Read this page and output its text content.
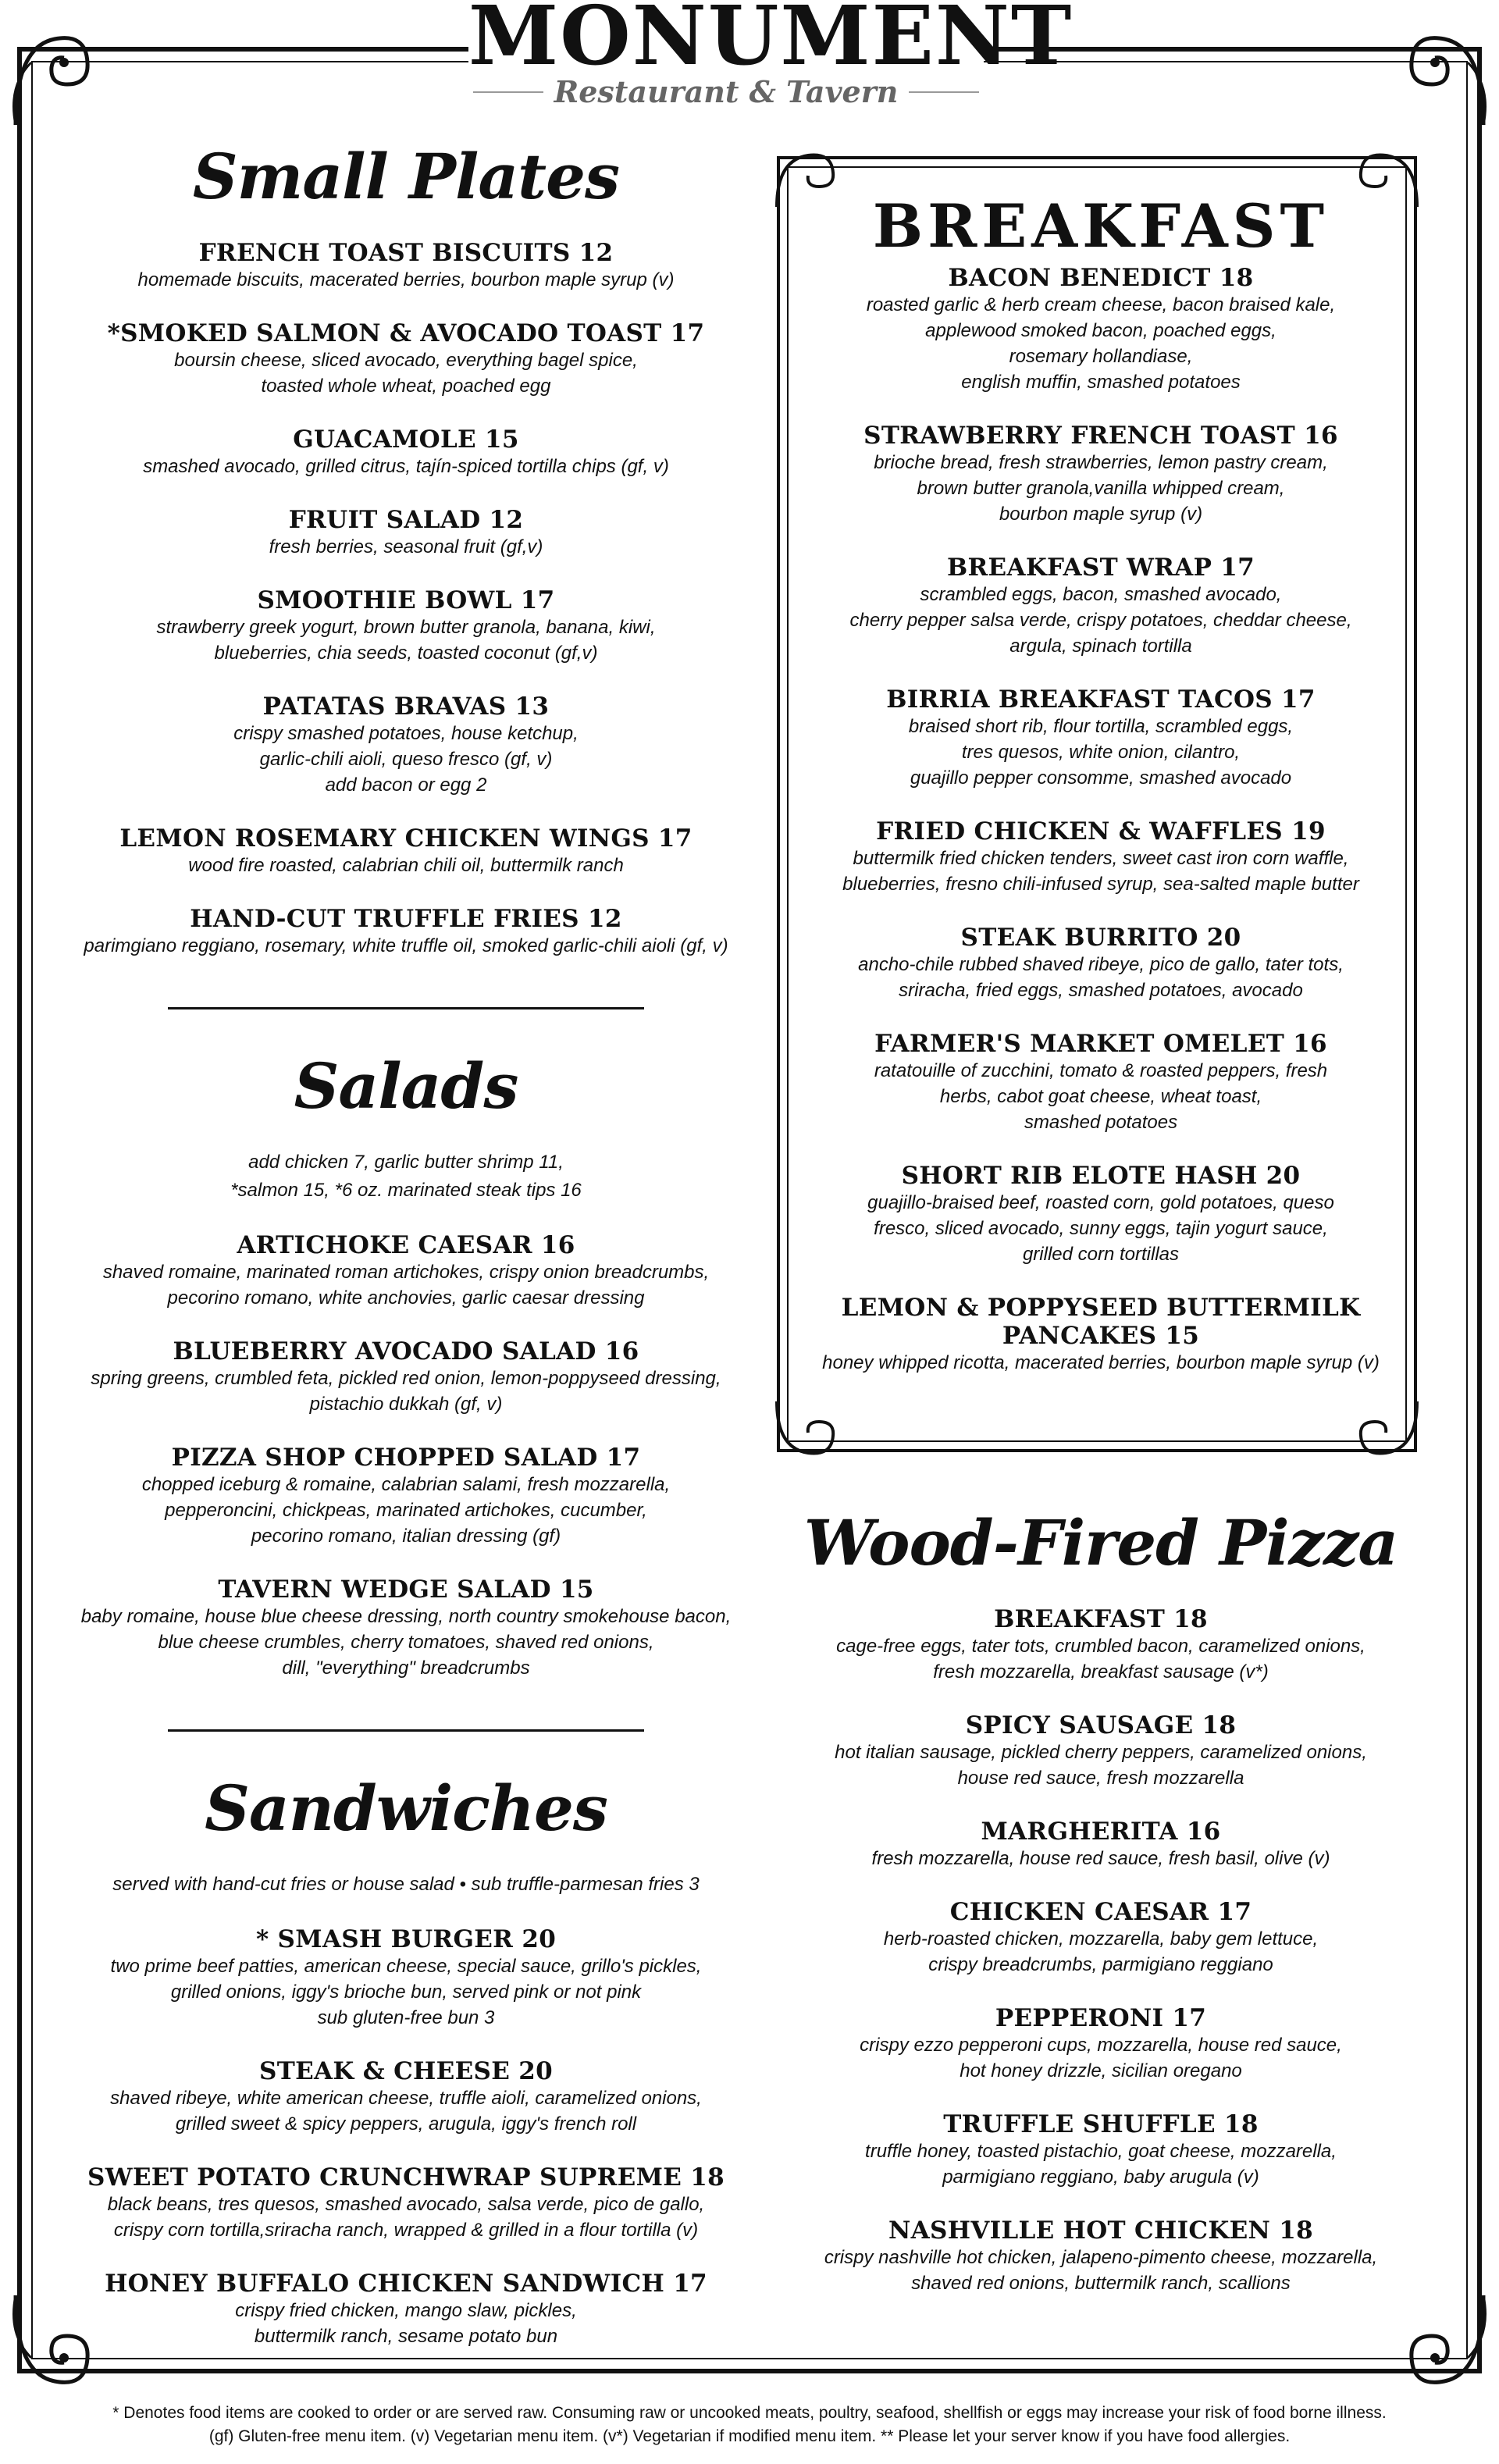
MONUMENT
Restaurant & Tavern
Small Plates
FRENCH TOAST BISCUITS 12
homemade biscuits, macerated berries, bourbon maple syrup (v)
*SMOKED SALMON & AVOCADO TOAST 17
boursin cheese, sliced avocado, everything bagel spice,
toasted whole wheat, poached egg
GUACAMOLE 15
smashed avocado, grilled citrus, tajín-spiced tortilla chips (gf, v)
FRUIT SALAD 12
fresh berries, seasonal fruit (gf,v)
SMOOTHIE BOWL 17
strawberry greek yogurt, brown butter granola, banana, kiwi,
blueberries, chia seeds, toasted coconut (gf,v)
PATATAS BRAVAS 13
crispy smashed potatoes, house ketchup,
garlic-chili aioli, queso fresco (gf, v)
add bacon or egg 2
LEMON ROSEMARY CHICKEN WINGS 17
wood fire roasted, calabrian chili oil, buttermilk ranch
HAND-CUT TRUFFLE FRIES 12
parimgiano reggiano, rosemary, white truffle oil, smoked garlic-chili aioli (gf, v)
Salads
add chicken 7, garlic butter shrimp 11,
*salmon 15, *6 oz. marinated steak tips 16
ARTICHOKE CAESAR 16
shaved romaine, marinated roman artichokes, crispy onion breadcrumbs,
pecorino romano, white anchovies, garlic caesar dressing
BLUEBERRY AVOCADO SALAD 16
spring greens, crumbled feta, pickled red onion, lemon-poppyseed dressing,
pistachio dukkah (gf, v)
PIZZA SHOP CHOPPED SALAD 17
chopped iceburg & romaine, calabrian salami, fresh mozzarella,
pepperoncini, chickpeas, marinated artichokes, cucumber,
pecorino romano, italian dressing (gf)
TAVERN WEDGE SALAD 15
baby romaine, house blue cheese dressing, north country smokehouse bacon,
blue cheese crumbles, cherry tomatoes, shaved red onions,
dill, "everything" breadcrumbs
Sandwiches
served with hand-cut fries or house salad • sub truffle-parmesan fries 3
* SMASH BURGER 20
two prime beef patties, american cheese, special sauce, grillo's pickles,
grilled onions, iggy's brioche bun, served pink or not pink
sub gluten-free bun 3
STEAK & CHEESE 20
shaved ribeye, white american cheese, truffle aioli, caramelized onions,
grilled sweet & spicy peppers, arugula, iggy's french roll
SWEET POTATO CRUNCHWRAP SUPREME 18
black beans, tres quesos, smashed avocado, salsa verde, pico de gallo,
crispy corn tortilla,sriracha ranch, wrapped & grilled in a flour tortilla (v)
HONEY BUFFALO CHICKEN SANDWICH 17
crispy fried chicken, mango slaw, pickles,
buttermilk ranch, sesame potato bun
BREAKFAST
BACON BENEDICT 18
roasted garlic & herb cream cheese, bacon braised kale,
applewood smoked bacon, poached eggs,
rosemary hollandiase,
english muffin, smashed potatoes
STRAWBERRY FRENCH TOAST 16
brioche bread, fresh strawberries, lemon pastry cream,
brown butter granola,vanilla whipped cream,
bourbon maple syrup (v)
BREAKFAST WRAP 17
scrambled eggs, bacon, smashed avocado,
cherry pepper salsa verde, crispy potatoes, cheddar cheese,
argula, spinach tortilla
BIRRIA BREAKFAST TACOS 17
braised short rib, flour tortilla, scrambled eggs,
tres quesos, white onion, cilantro,
guajillo pepper consomme, smashed avocado
FRIED CHICKEN & WAFFLES 19
buttermilk fried chicken tenders, sweet cast iron corn waffle,
blueberries, fresno chili-infused syrup, sea-salted maple butter
STEAK BURRITO 20
ancho-chile rubbed shaved ribeye, pico de gallo, tater tots,
sriracha, fried eggs, smashed potatoes, avocado
FARMER'S MARKET OMELET 16
ratatouille of zucchini, tomato & roasted peppers, fresh
herbs, cabot goat cheese, wheat toast,
smashed potatoes
SHORT RIB ELOTE HASH 20
guajillo-braised beef, roasted corn, gold potatoes, queso
fresco, sliced avocado, sunny eggs, tajin yogurt sauce,
grilled corn tortillas
LEMON & POPPYSEED BUTTERMILK PANCAKES 15
honey whipped ricotta, macerated berries, bourbon maple syrup (v)
Wood-Fired Pizza
BREAKFAST 18
cage-free eggs, tater tots, crumbled bacon, caramelized onions,
fresh mozzarella, breakfast sausage (v*)
SPICY SAUSAGE 18
hot italian sausage, pickled cherry peppers, caramelized onions,
house red sauce, fresh mozzarella
MARGHERITA 16
fresh mozzarella, house red sauce, fresh basil, olive (v)
CHICKEN CAESAR 17
herb-roasted chicken, mozzarella, baby gem lettuce,
crispy breadcrumbs, parmigiano reggiano
PEPPERONI 17
crispy ezzo pepperoni cups, mozzarella, house red sauce,
hot honey drizzle, sicilian oregano
TRUFFLE SHUFFLE 18
truffle honey, toasted pistachio, goat cheese, mozzarella,
parmigiano reggiano, baby arugula (v)
NASHVILLE HOT CHICKEN 18
crispy nashville hot chicken, jalapeno-pimento cheese, mozzarella,
shaved red onions, buttermilk ranch, scallions
* Denotes food items are cooked to order or are served raw. Consuming raw or uncooked meats, poultry, seafood, shellfish or eggs may increase your risk of food borne illness.
(gf) Gluten-free menu item. (v) Vegetarian menu item. (v*) Vegetarian if modified menu item. ** Please let your server know if you have food allergies.
